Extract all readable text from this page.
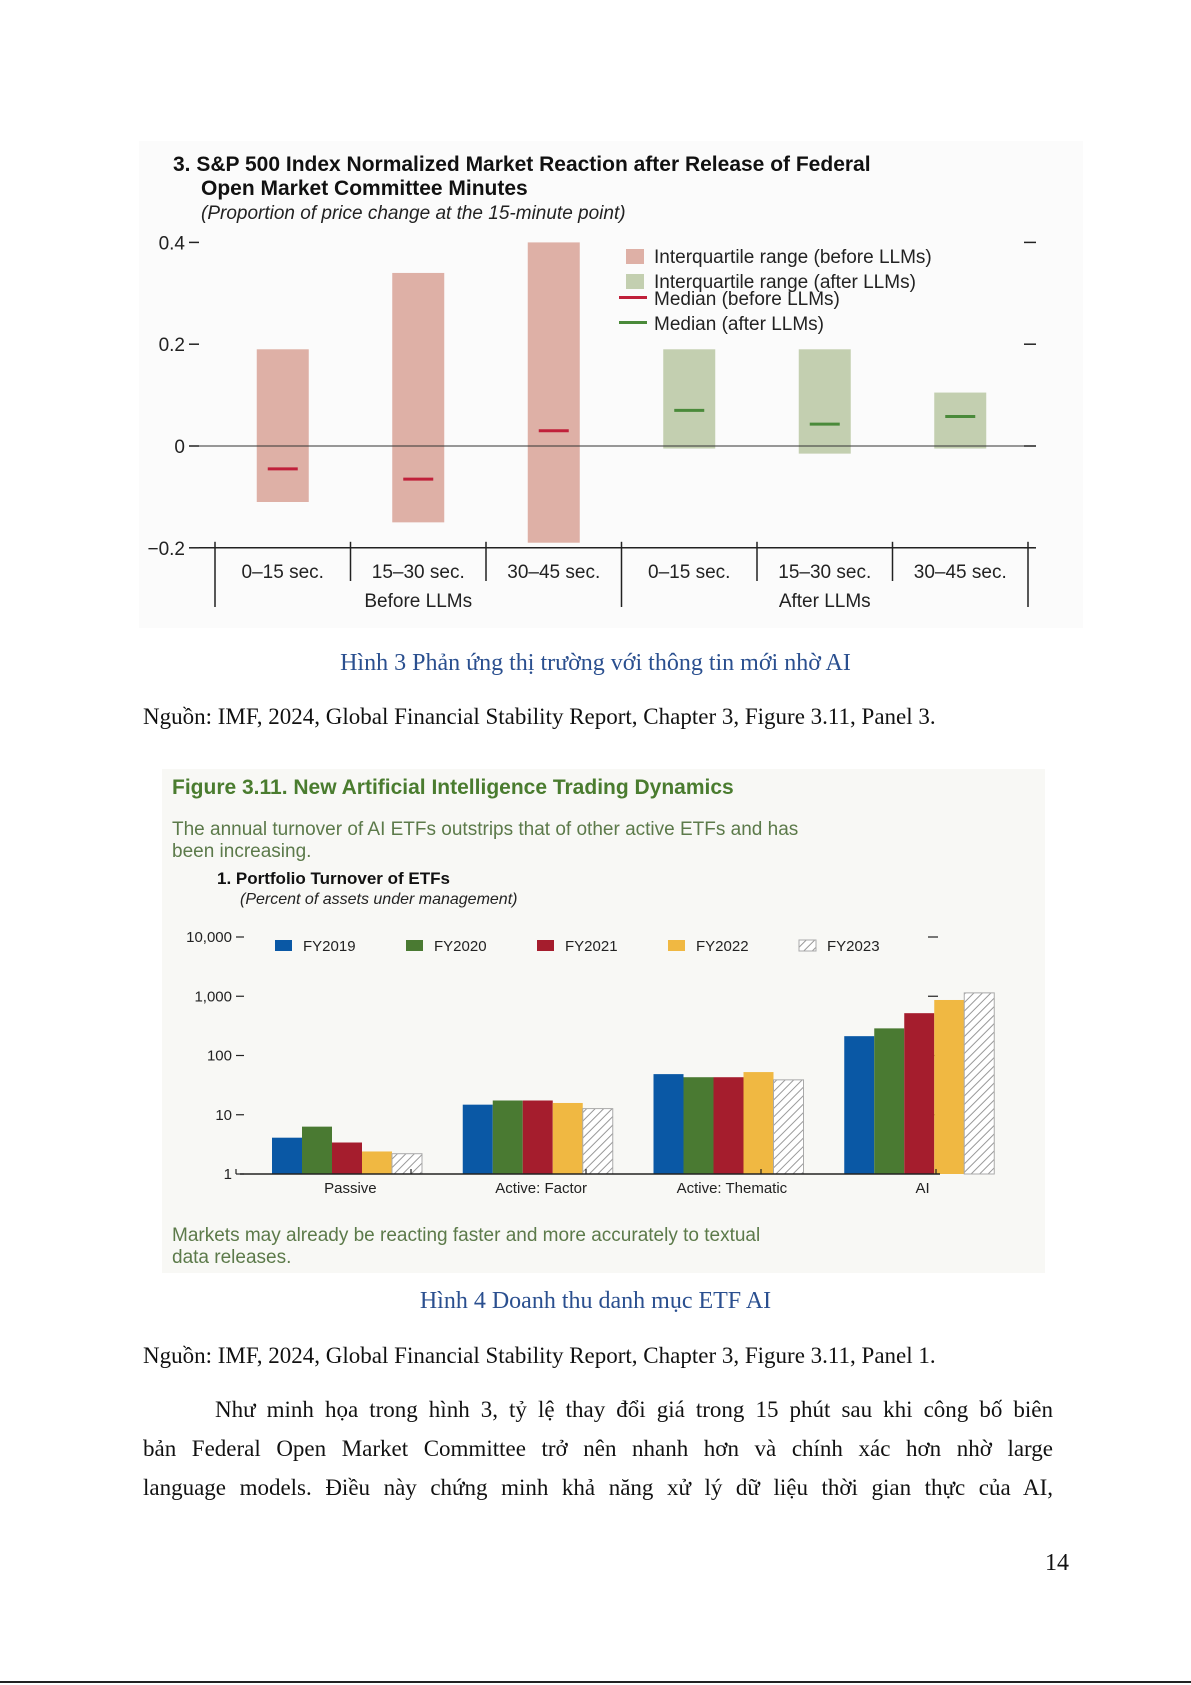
3. S&P 500 Index Normalized Market Reaction after Release of Federal
Open Market Committee Minutes
(Proportion of price change at the 15-minute point)
0.4
0.2
0
−0.2
0–15 sec.	15–30 sec. 30–45 sec.	0–15 sec.	15–30 sec. 30–45 sec.
Before LLMs	After LLMs
Interquartile range (before LLMs)
Interquartile range (after LLMs)
Median (before LLMs)
Median (after LLMs)
Hình 3 Phản ứng thị trường với thông tin mới nhờ AI
Nguồn: IMF, 2024, Global Financial Stability Report, Chapter 3, Figure 3.11, Panel 3.
Figure 3.11. New Artificial Intelligence Trading Dynamics
The annual turnover of AI ETFs outstrips that of other active ETFs and has
been increasing.
1. Portfolio Turnover of ETFs
(Percent of assets under management)
10,000
1,000
100
10
1
Passive	Active: Factor	Active: Thematic	AI
FY2019	FY2020	FY2021	FY2022	FY2023
Markets may already be reacting faster and more accurately to textual
data releases.
Hình 4 Doanh thu danh mục ETF AI
Nguồn: IMF, 2024, Global Financial Stability Report, Chapter 3, Figure 3.11, Panel 1.
Như minh họa trong hình 3, tỷ lệ thay đổi giá trong 15 phút sau khi công bố biên
bản Federal Open Market Committee trở nên nhanh hơn và chính xác hơn nhờ large
language models. Điều này chứng minh khả năng xử lý dữ liệu thời gian thực của AI,
14
